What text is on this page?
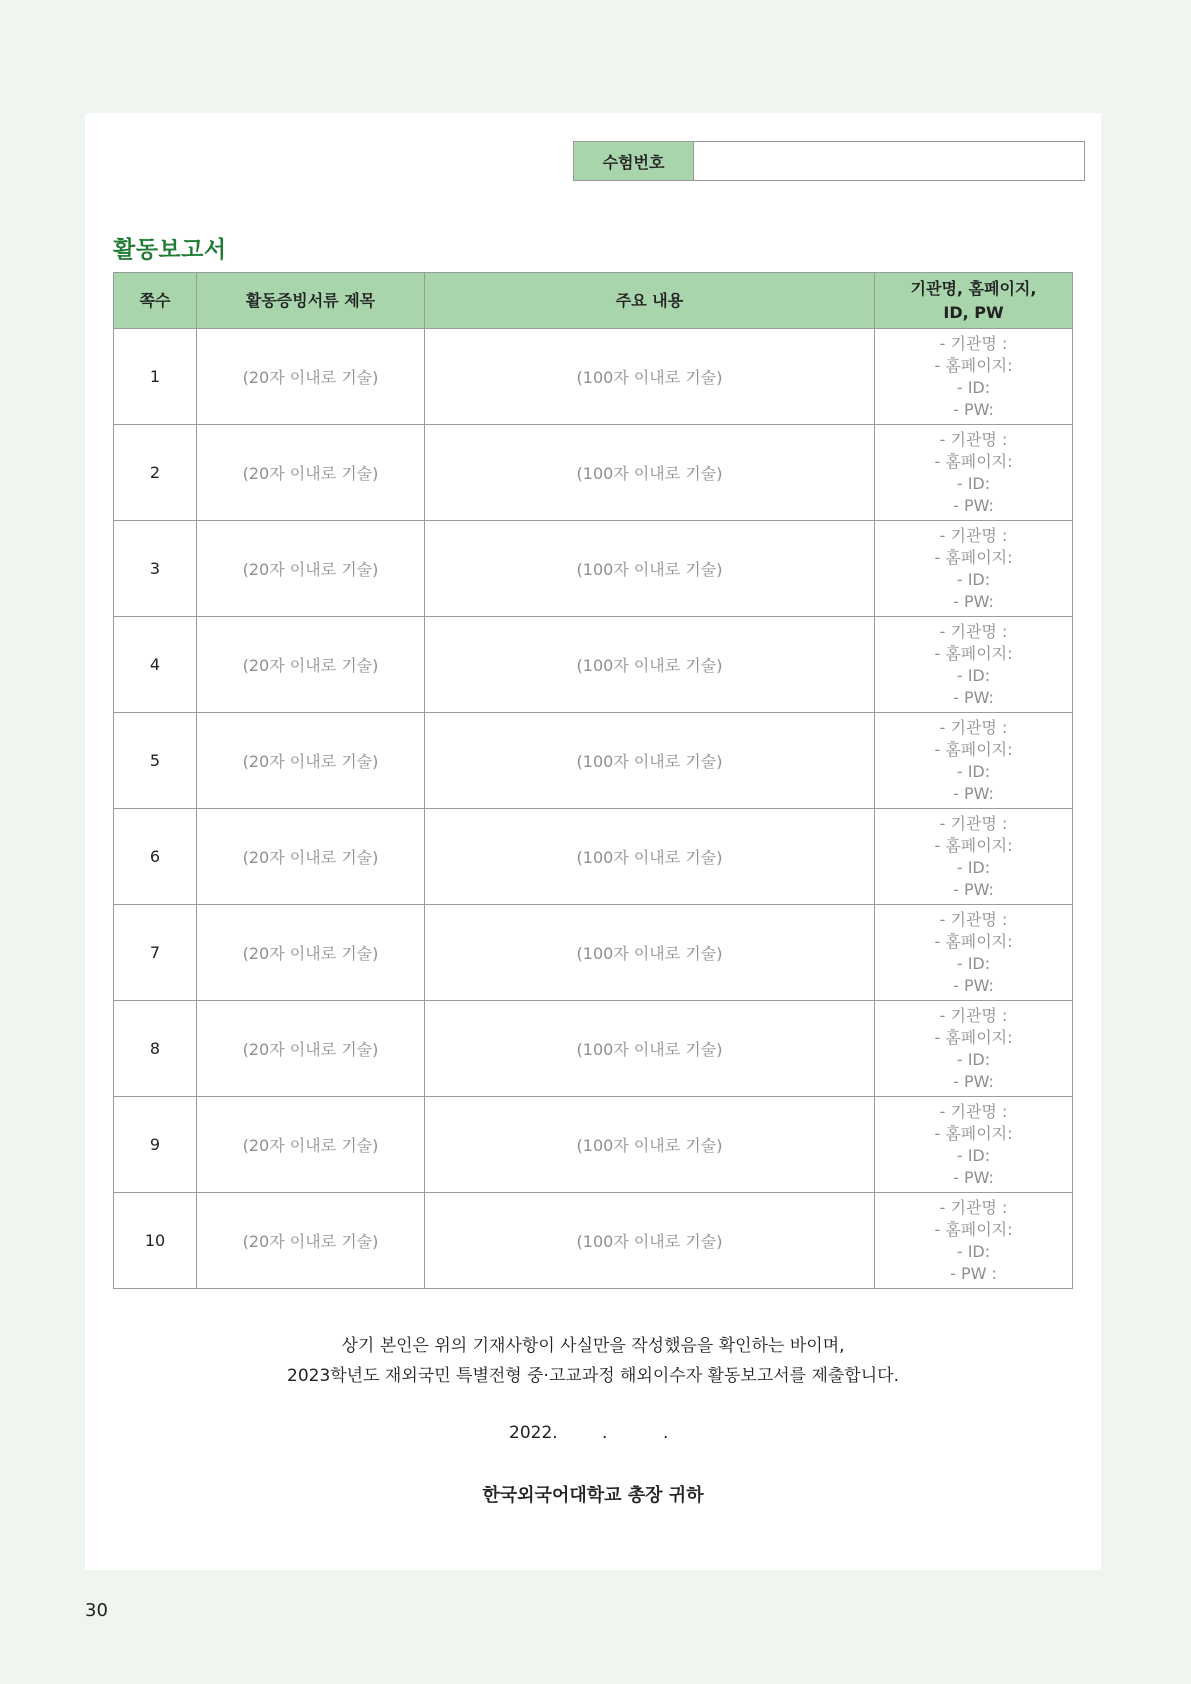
수험번호
활동보고서
쪽수	활동증빙서류 제목	주요 내용	기관명, 홈페이지,
ID, PW
1	(20자 이내로 기술)	(100자 이내로 기술)	- 기관명 :
- 홈페이지:
- ID:
- PW:

2	(20자 이내로 기술)	(100자 이내로 기술)	- 기관명 :
- 홈페이지:
- ID:
- PW:

3	(20자 이내로 기술)	(100자 이내로 기술)	- 기관명 :
- 홈페이지:
- ID:
- PW:

4	(20자 이내로 기술)	(100자 이내로 기술)	- 기관명 :
- 홈페이지:
- ID:
- PW:

5	(20자 이내로 기술)	(100자 이내로 기술)	- 기관명 :
- 홈페이지:
- ID:
- PW:

6	(20자 이내로 기술)	(100자 이내로 기술)	- 기관명 :
- 홈페이지:
- ID:
- PW:

7	(20자 이내로 기술)	(100자 이내로 기술)	- 기관명 :
- 홈페이지:
- ID:
- PW:

8	(20자 이내로 기술)	(100자 이내로 기술)	- 기관명 :
- 홈페이지:
- ID:
- PW:

9	(20자 이내로 기술)	(100자 이내로 기술)	- 기관명 :
- 홈페이지:
- ID:
- PW:

10	(20자 이내로 기술)	(100자 이내로 기술)	- 기관명 :
- 홈페이지:
- ID:
- PW :
상기 본인은 위의 기재사항이 사실만을 작성했음을 확인하는 바이며,
2023학년도 재외국민 특별전형 중·고교과정 해외이수자 활동보고서를 제출합니다.
2022.	.	.
한국외국어대학교 총장 귀하
30
